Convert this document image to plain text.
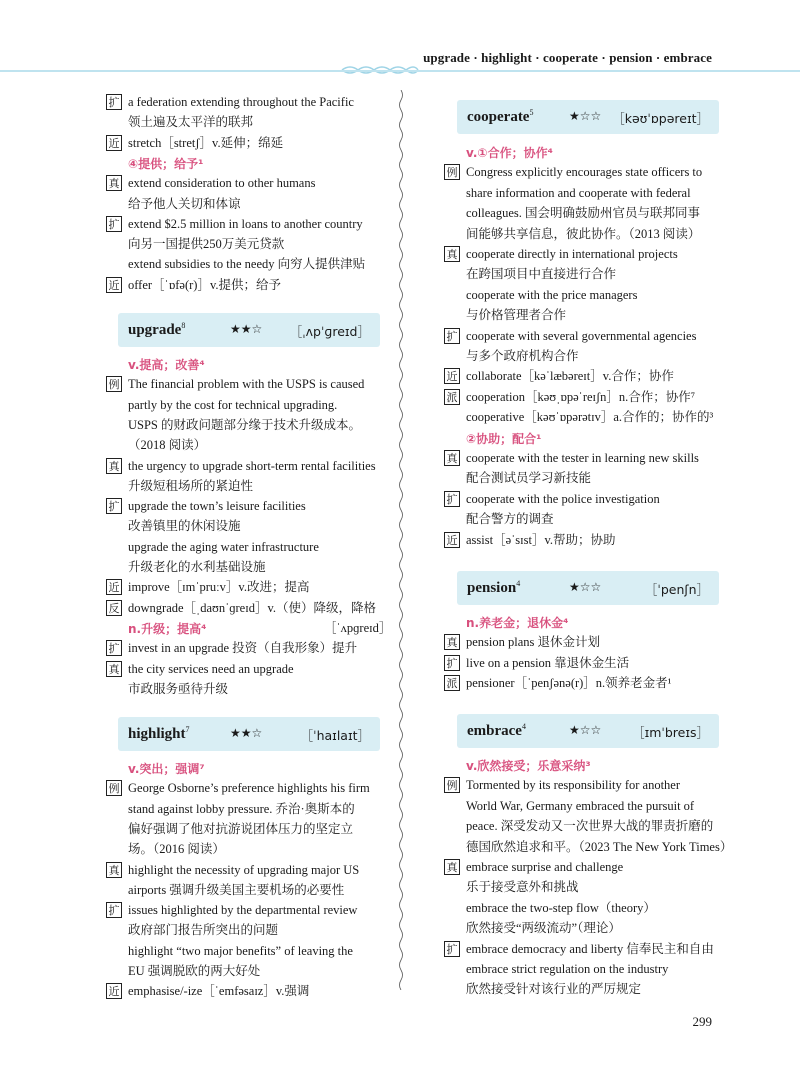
upgrade · highlight · cooperate · pension · embrace
扩 a federation extending throughout the Pacific
领土遍及太平洋的联邦
近 stretch［stretʃ］v.延伸；绵延
④提供；给予¹
真 extend consideration to other humans
给予他人关切和体谅
扩 extend $2.5 million in loans to another country
向另一国提供250万美元贷款
extend subsidies to the needy 向穷人提供津贴
近 offer［ˈɒfə(r)］v.提供；给予
upgrade$^8$	★★☆ ［ˌʌpˈɡreɪd］
v.提高；改善⁴
例 The financial problem with the USPS is caused
partly by the cost for technical upgrading.
USPS 的财政问题部分缘于技术升级成本。
（2018 阅读）
真 the urgency to upgrade short-term rental facilities
升级短租场所的紧迫性
扩 upgrade the town’s leisure facilities
改善镇里的休闲设施
upgrade the aging water infrastructure
升级老化的水利基础设施
近 improve［ɪmˈpruːv］v.改进；提高
反 downgrade［ˌdaʊnˈɡreɪd］v.（使）降级，降格
n.升级；提高⁴	［ˈʌpɡreɪd］
扩 invest in an upgrade 投资（自我形象）提升
真 the city services need an upgrade
市政服务亟待升级
highlight$^7$	★★☆	［ˈhaɪlaɪt］
v.突出；强调⁷
例 George Osborne’s preference highlights his firm
stand against lobby pressure. 乔治·奥斯本的
偏好强调了他对抗游说团体压力的坚定立
场。（2016 阅读）
真 highlight the necessity of upgrading major US
airports 强调升级美国主要机场的必要性
扩 issues highlighted by the departmental review
政府部门报告所突出的问题
highlight “two major benefits” of leaving the
EU 强调脱欧的两大好处
近 emphasise/-ize［ˈemfəsaɪz］v.强调
cooperate$^5$	★☆☆ ［kəʊˈɒpəreɪt］
v.①合作；协作⁴
例 Congress explicitly encourages state officers to
share information and cooperate with federal
colleagues. 国会明确鼓励州官员与联邦同事
间能够共享信息，彼此协作。（2013 阅读）
真 cooperate directly in international projects
在跨国项目中直接进行合作
cooperate with the price managers
与价格管理者合作
扩 cooperate with several governmental agencies
与多个政府机构合作
近 collaborate［kəˈlæbəreɪt］v.合作；协作
派 cooperation［kəʊˌɒpəˈreɪʃn］n.合作；协作⁷
cooperative［kəʊˈɒpərətɪv］a.合作的；协作的³
②协助；配合¹
真 cooperate with the tester in learning new skills
配合测试员学习新技能
扩 cooperate with the police investigation
配合警方的调查
近 assist［əˈsɪst］v.帮助；协助
pension$^4$	★☆☆	［ˈpenʃn］
n.养老金；退休金⁴
真 pension plans 退休金计划
扩 live on a pension 靠退休金生活
派 pensioner［ˈpenʃənə(r)］n.领养老金者¹
embrace$^4$	★☆☆ ［ɪmˈbreɪs］
v.欣然接受；乐意采纳³
例 Tormented by its responsibility for another
World War, Germany embraced the pursuit of
peace. 深受发动又一次世界大战的罪责折磨的
德国欣然追求和平。（2023 The New York Times）
真 embrace surprise and challenge
乐于接受意外和挑战
embrace the two-step flow（theory）
欣然接受“两级流动”（理论）
扩 embrace democracy and liberty 信奉民主和自由
embrace strict regulation on the industry
欣然接受针对该行业的严厉规定
299
